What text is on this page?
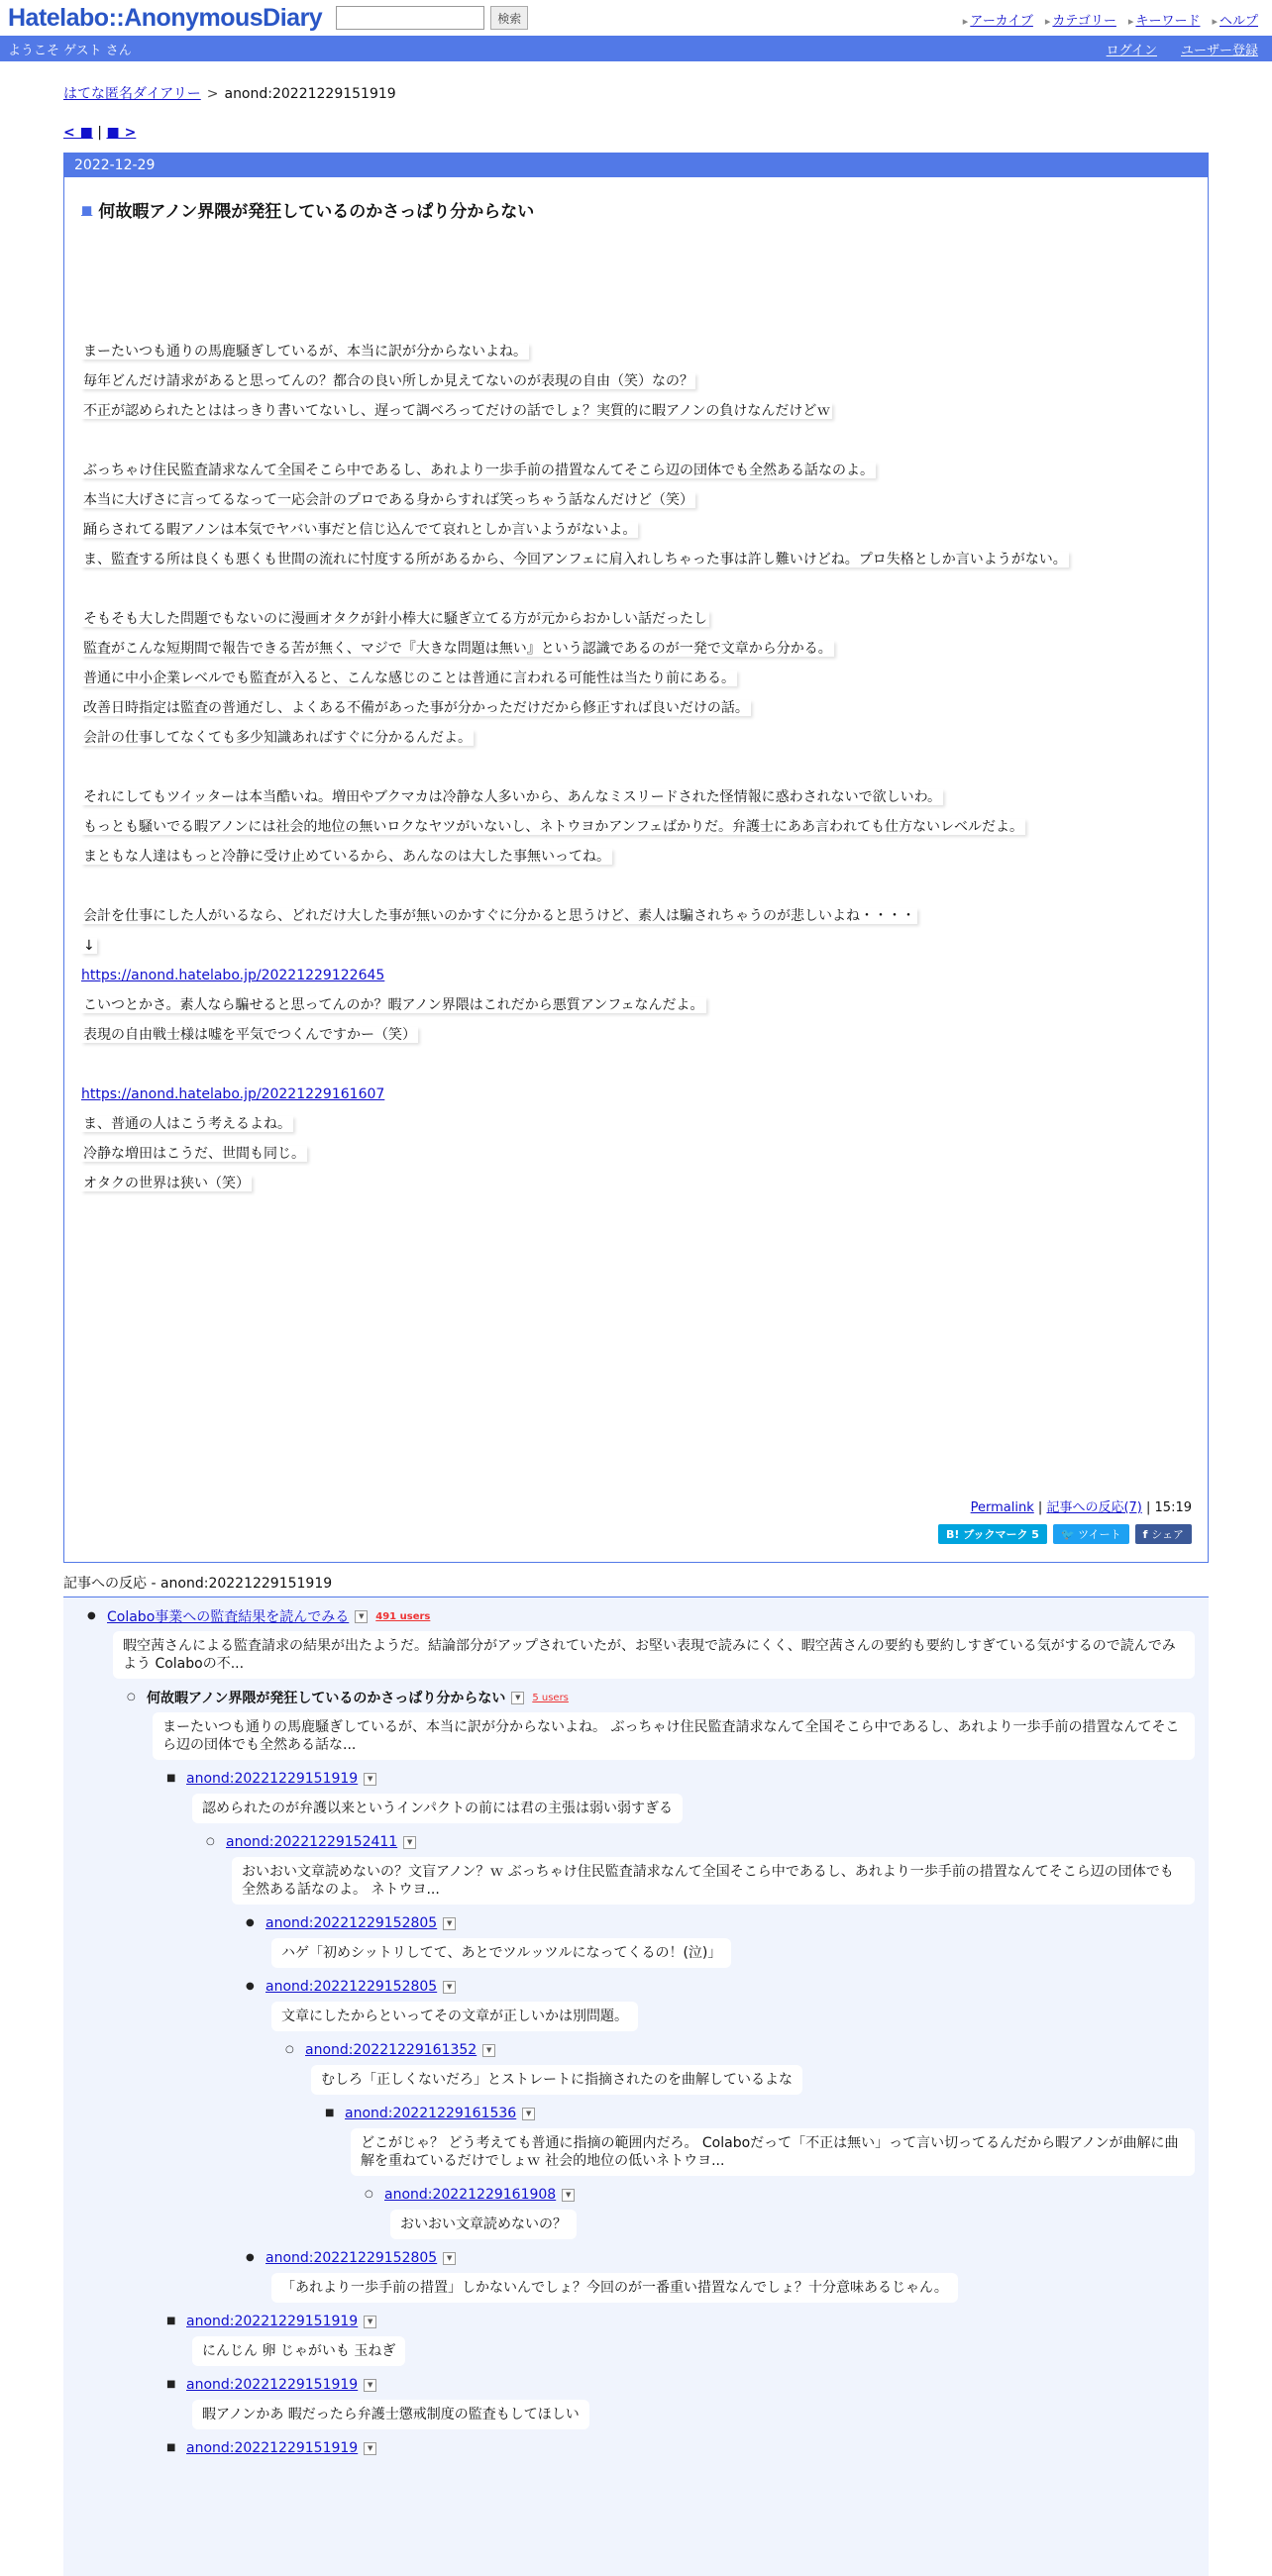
Hatelabo::AnonymousDiary	検索	▸ アーカイブ	▸ カテゴリー	▸ キーワード	▸ ヘルプ
ようこそ ゲスト さん	ログイン ユーザー登録
はてな匿名ダイアリー > anond:20221229151919
< ■ | ■ >
2022-12-29
■ 何故暇アノン界隈が発狂しているのかさっぱり分からない

まーたいつも通りの馬鹿騒ぎしているが、本当に訳が分からないよね。

毎年どんだけ請求があると思ってんの？都合の良い所しか見えてないのが表現の自由（笑）なの？

不正が認められたとははっきり書いてないし、遅って調べろってだけの話でしょ？実質的に暇アノンの負けなんだけどｗ

ぶっちゃけ住民監査請求なんて全国そこら中であるし、あれより一歩手前の措置なんてそこら辺の団体でも全然ある話なのよ。

本当に大げさに言ってるなって一応会計のプロである身からすれば笑っちゃう話なんだけど（笑）

踊らされてる暇アノンは本気でヤバい事だと信じ込んでて哀れとしか言いようがないよ。

ま、監査する所は良くも悪くも世間の流れに忖度する所があるから、今回アンフェに肩入れしちゃった事は許し難いけどね。プロ失格としか言いようがない。

そもそも大した問題でもないのに漫画オタクが針小棒大に騒ぎ立てる方が元からおかしい話だったし

監査がこんな短期間で報告できる苦が無く、マジで『大きな問題は無い』という認識であるのが一発で文章から分かる。

普通に中小企業レベルでも監査が入ると、こんな感じのことは普通に言われる可能性は当たり前にある。

改善日時指定は監査の普通だし、よくある不備があった事が分かっただけだから修正すれば良いだけの話。

会計の仕事してなくても多少知識あればすぐに分かるんだよ。

それにしてもツイッターは本当酷いね。増田やブクマカは冷静な人多いから、あんなミスリードされた怪情報に惑わされないで欲しいわ。

もっとも騒いでる暇アノンには社会的地位の無いロクなヤツがいないし、ネトウヨかアンフェばかりだ。弁護士にああ言われても仕方ないレベルだよ。

まともな人達はもっと冷静に受け止めているから、あんなのは大した事無いってね。

会計を仕事にした人がいるなら、どれだけ大した事が無いのかすぐに分かると思うけど、素人は騙されちゃうのが悲しいよね・・・・

↓

https://anond.hatelabo.jp/20221229122645

こいつとかさ。素人なら騙せると思ってんのか？暇アノン界隈はこれだから悪質アンフェなんだよ。

表現の自由戦士様は嘘を平気でつくんですかー（笑）

https://anond.hatelabo.jp/20221229161607

ま、普通の人はこう考えるよね。

冷静な増田はこうだ、世間も同じ。

オタクの世界は狭い（笑）

Permalink | 記事への反応(7) | 15:19
B! ブックマーク 5	🐦 ツイート	f シェア
記事への反応 - anond:20221229151919
● Colabo事業への監査結果を読んでみる	▼	491 users
暇空茜さんによる監査請求の結果が出たようだ。結論部分がアップされていたが、お堅い表現で読みにくく、暇空茜さんの要約も要約しすぎている気がするので読んでみよう Colaboの不...
○ 何故暇アノン界隈が発狂しているのかさっぱり分からない	▼	5 users
まーたいつも通りの馬鹿騒ぎしているが、本当に訳が分からないよね。 ぶっちゃけ住民監査請求なんて全国そこら中であるし、あれより一歩手前の措置なんてそこら辺の団体でも全然ある話な...
■ anond:20221229151919	▼
認められたのが弁護以来というインパクトの前には君の主張は弱い弱すぎる
○ anond:20221229152411	▼
おいおい文章読めないの？文盲アノン？ｗ ぶっちゃけ住民監査請求なんて全国そこら中であるし、あれより一歩手前の措置なんてそこら辺の団体でも全然ある話なのよ。 ネトウヨ...
● anond:20221229152805	▼
ハゲ「初めシットリしてて、あとでツルッツルになってくるの！(泣)」
● anond:20221229152805	▼
文章にしたからといってその文章が正しいかは別問題。
○ anond:20221229161352	▼
むしろ「正しくないだろ」とストレートに指摘されたのを曲解しているよな
■ anond:20221229161536	▼
どこがじゃ？ どう考えても普通に指摘の範囲内だろ。 Colaboだって「不正は無い」って言い切ってるんだから暇アノンが曲解に曲解を重ねているだけでしょｗ 社会的地位の低いネトウヨ...
○ anond:20221229161908	▼
おいおい文章読めないの？
● anond:20221229152805	▼
「あれより一歩手前の措置」しかないんでしょ？今回のが一番重い措置なんでしょ？十分意味あるじゃん。
■ anond:20221229151919	▼
にんじん 卵 じゃがいも 玉ねぎ
■ anond:20221229151919	▼
暇アノンかあ 暇だったら弁護士懲戒制度の監査もしてほしい
■ anond:20221229151919	▼
